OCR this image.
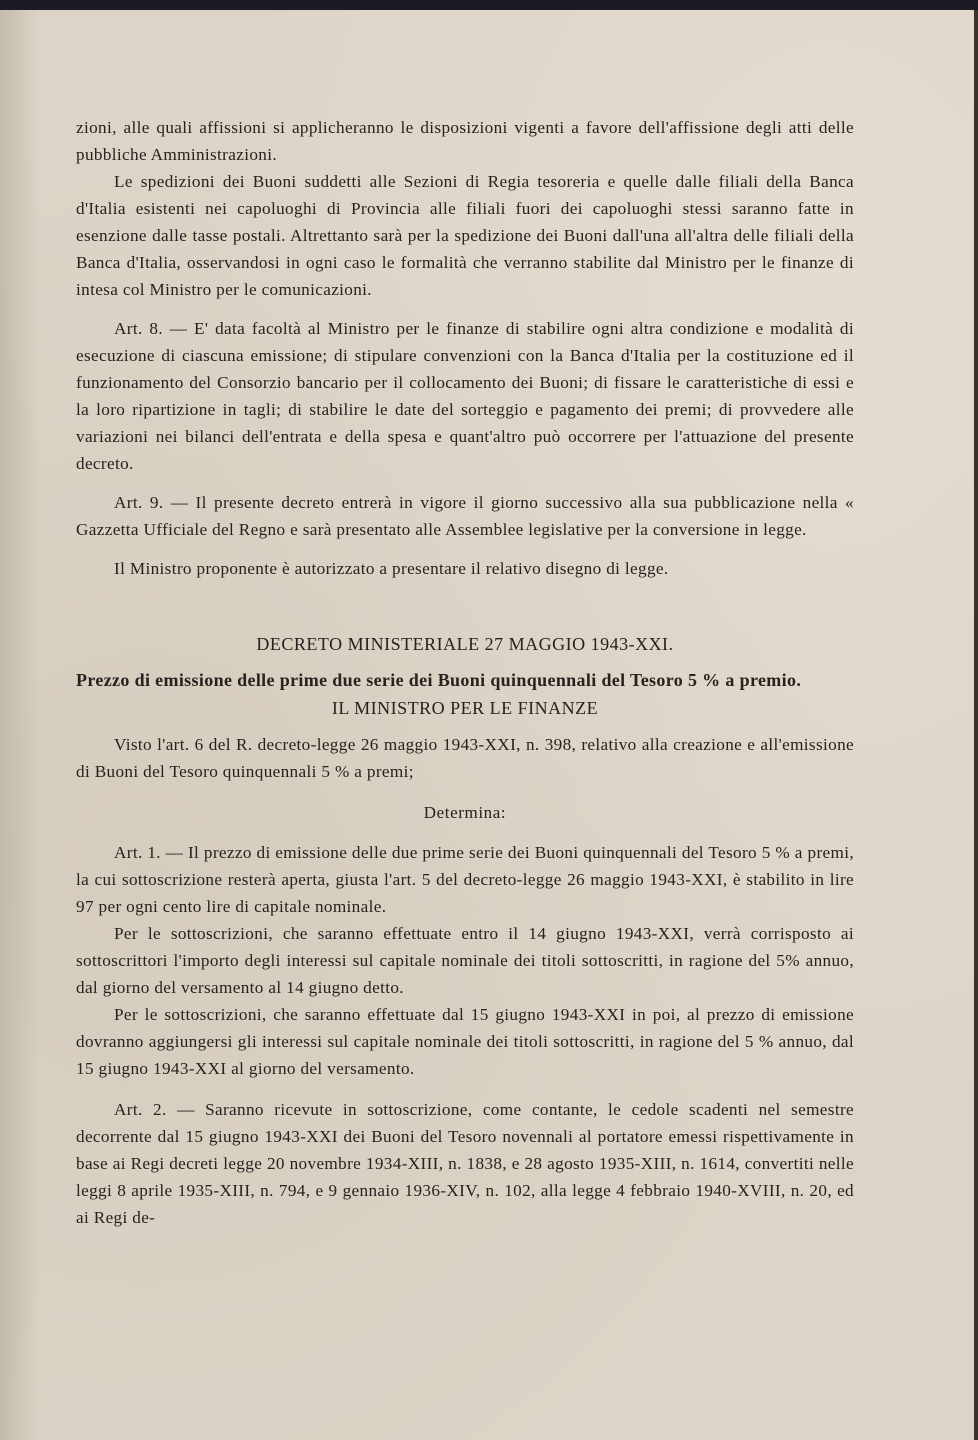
zioni, alle quali affissioni si applicheranno le disposizioni vigenti a favore dell'affissione degli atti delle pubbliche Amministrazioni.

Le spedizioni dei Buoni suddetti alle Sezioni di Regia tesoreria e quelle dalle filiali della Banca d'Italia esistenti nei capoluoghi di Provincia alle filiali fuori dei capoluoghi stessi saranno fatte in esenzione dalle tasse postali. Altrettanto sarà per la spedizione dei Buoni dall'una all'altra delle filiali della Banca d'Italia, osservandosi in ogni caso le formalità che verranno stabilite dal Ministro per le finanze di intesa col Ministro per le comunicazioni.

Art. 8. — E' data facoltà al Ministro per le finanze di stabilire ogni altra condizione e modalità di esecuzione di ciascuna emissione; di stipulare convenzioni con la Banca d'Italia per la costituzione ed il funzionamento del Consorzio bancario per il collocamento dei Buoni; di fissare le caratteristiche di essi e la loro ripartizione in tagli; di stabilire le date del sorteggio e pagamento dei premi; di provvedere alle variazioni nei bilanci dell'entrata e della spesa e quant'altro può occorrere per l'attuazione del presente decreto.

Art. 9. — Il presente decreto entrerà in vigore il giorno successivo alla sua pubblicazione nella « Gazzetta Ufficiale del Regno e sarà presentato alle Assemblee legislative per la conversione in legge.

Il Ministro proponente è autorizzato a presentare il relativo disegno di legge.

DECRETO MINISTERIALE 27 MAGGIO 1943-XXI.

Prezzo di emissione delle prime due serie dei Buoni quinquennali del Tesoro 5 % a premio.

IL MINISTRO PER LE FINANZE

Visto l'art. 6 del R. decreto-legge 26 maggio 1943-XXI, n. 398, relativo alla creazione e all'emissione di Buoni del Tesoro quinquennali 5 % a premi;

Determina:

Art. 1. — Il prezzo di emissione delle due prime serie dei Buoni quinquennali del Tesoro 5 % a premi, la cui sottoscrizione resterà aperta, giusta l'art. 5 del decreto-legge 26 maggio 1943-XXI, è stabilito in lire 97 per ogni cento lire di capitale nominale.

Per le sottoscrizioni, che saranno effettuate entro il 14 giugno 1943-XXI, verrà corrisposto ai sottoscrittori l'importo degli interessi sul capitale nominale dei titoli sottoscritti, in ragione del 5% annuo, dal giorno del versamento al 14 giugno detto.

Per le sottoscrizioni, che saranno effettuate dal 15 giugno 1943-XXI in poi, al prezzo di emissione dovranno aggiungersi gli interessi sul capitale nominale dei titoli sottoscritti, in ragione del 5 % annuo, dal 15 giugno 1943-XXI al giorno del versamento.

Art. 2. — Saranno ricevute in sottoscrizione, come contante, le cedole scadenti nel semestre decorrente dal 15 giugno 1943-XXI dei Buoni del Tesoro novennali al portatore emessi rispettivamente in base ai Regi decreti legge 20 novembre 1934-XIII, n. 1838, e 28 agosto 1935-XIII, n. 1614, convertiti nelle leggi 8 aprile 1935-XIII, n. 794, e 9 gennaio 1936-XIV, n. 102, alla legge 4 febbraio 1940-XVIII, n. 20, ed ai Regi de-
